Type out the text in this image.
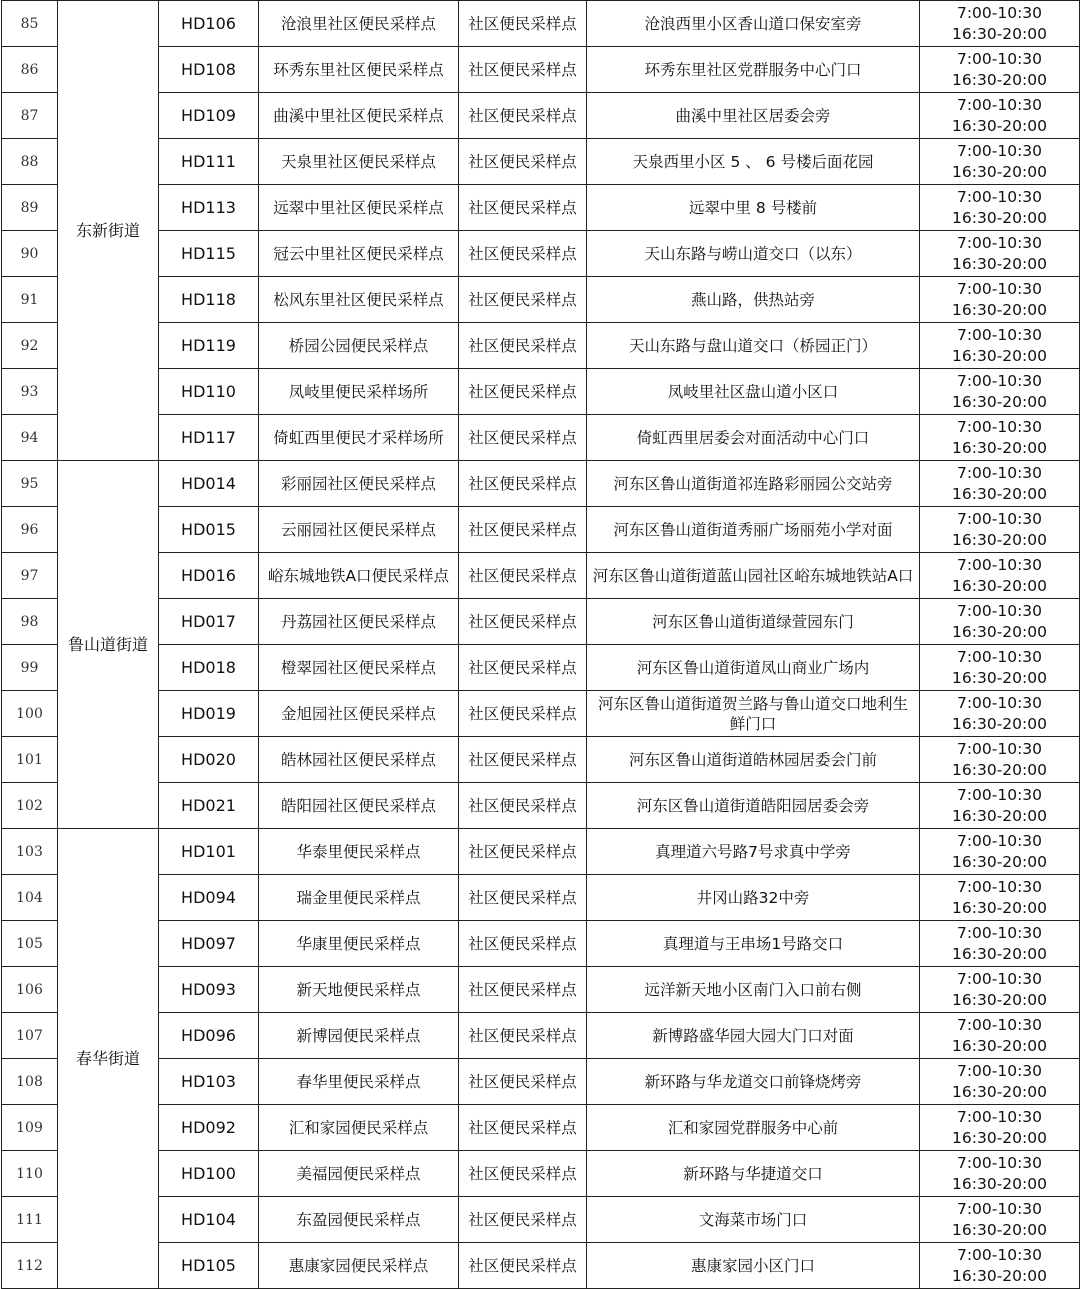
85	东新街道	HD106	沧浪里社区便民采样点	社区便民采样点	沧浪西里小区香山道口保安室旁	7:00-10:30
16:30-20:00

86		HD108	环秀东里社区便民采样点	社区便民采样点	环秀东里社区党群服务中心门口	7:00-10:30
16:30-20:00

87		HD109	曲溪中里社区便民采样点	社区便民采样点	曲溪中里社区居委会旁	7:00-10:30
16:30-20:00

88		HD111	天泉里社区便民采样点	社区便民采样点	天泉西里小区 5 、 6 号楼后面花园	7:00-10:30
16:30-20:00

89		HD113	远翠中里社区便民采样点	社区便民采样点	远翠中里 8 号楼前	7:00-10:30
16:30-20:00

90		HD115	冠云中里社区便民采样点	社区便民采样点	天山东路与崂山道交口（以东）	7:00-10:30
16:30-20:00

91		HD118	松风东里社区便民采样点	社区便民采样点	燕山路，供热站旁	7:00-10:30
16:30-20:00

92		HD119	桥园公园便民采样点	社区便民采样点	天山东路与盘山道交口（桥园正门）	7:00-10:30
16:30-20:00

93		HD110	凤岐里便民采样场所	社区便民采样点	凤岐里社区盘山道小区口	7:00-10:30
16:30-20:00

94		HD117	倚虹西里便民才采样场所	社区便民采样点	倚虹西里居委会对面活动中心门口	7:00-10:30
16:30-20:00

95	鲁山道街道	HD014	彩丽园社区便民采样点	社区便民采样点	河东区鲁山道街道祁连路彩丽园公交站旁	7:00-10:30
16:30-20:00

96		HD015	云丽园社区便民采样点	社区便民采样点	河东区鲁山道街道秀丽广场丽苑小学对面	7:00-10:30
16:30-20:00

97		HD016	峪东城地铁A口便民采样点	社区便民采样点	河东区鲁山道街道蓝山园社区峪东城地铁站A口	7:00-10:30
16:30-20:00

98		HD017	丹荔园社区便民采样点	社区便民采样点	河东区鲁山道街道绿萱园东门	7:00-10:30
16:30-20:00

99		HD018	橙翠园社区便民采样点	社区便民采样点	河东区鲁山道街道凤山商业广场内	7:00-10:30
16:30-20:00

100		HD019	金旭园社区便民采样点	社区便民采样点	河东区鲁山道街道贺兰路与鲁山道交口地利生
鲜门口	7:00-10:30
16:30-20:00

101		HD020	皓林园社区便民采样点	社区便民采样点	河东区鲁山道街道皓林园居委会门前	7:00-10:30
16:30-20:00

102		HD021	皓阳园社区便民采样点	社区便民采样点	河东区鲁山道街道皓阳园居委会旁	7:00-10:30
16:30-20:00

103	春华街道	HD101	华泰里便民采样点	社区便民采样点	真理道六号路7号求真中学旁	7:00-10:30
16:30-20:00

104		HD094	瑞金里便民采样点	社区便民采样点	井冈山路32中旁	7:00-10:30
16:30-20:00

105		HD097	华康里便民采样点	社区便民采样点	真理道与王串场1号路交口	7:00-10:30
16:30-20:00

106		HD093	新天地便民采样点	社区便民采样点	远洋新天地小区南门入口前右侧	7:00-10:30
16:30-20:00

107		HD096	新博园便民采样点	社区便民采样点	新博路盛华园大园大门口对面	7:00-10:30
16:30-20:00

108		HD103	春华里便民采样点	社区便民采样点	新环路与华龙道交口前锋烧烤旁	7:00-10:30
16:30-20:00

109		HD092	汇和家园便民采样点	社区便民采样点	汇和家园党群服务中心前	7:00-10:30
16:30-20:00

110		HD100	美福园便民采样点	社区便民采样点	新环路与华捷道交口	7:00-10:30
16:30-20:00

111		HD104	东盈园便民采样点	社区便民采样点	文海菜市场门口	7:00-10:30
16:30-20:00

112		HD105	惠康家园便民采样点	社区便民采样点	惠康家园小区门口	7:00-10:30
16:30-20:00
